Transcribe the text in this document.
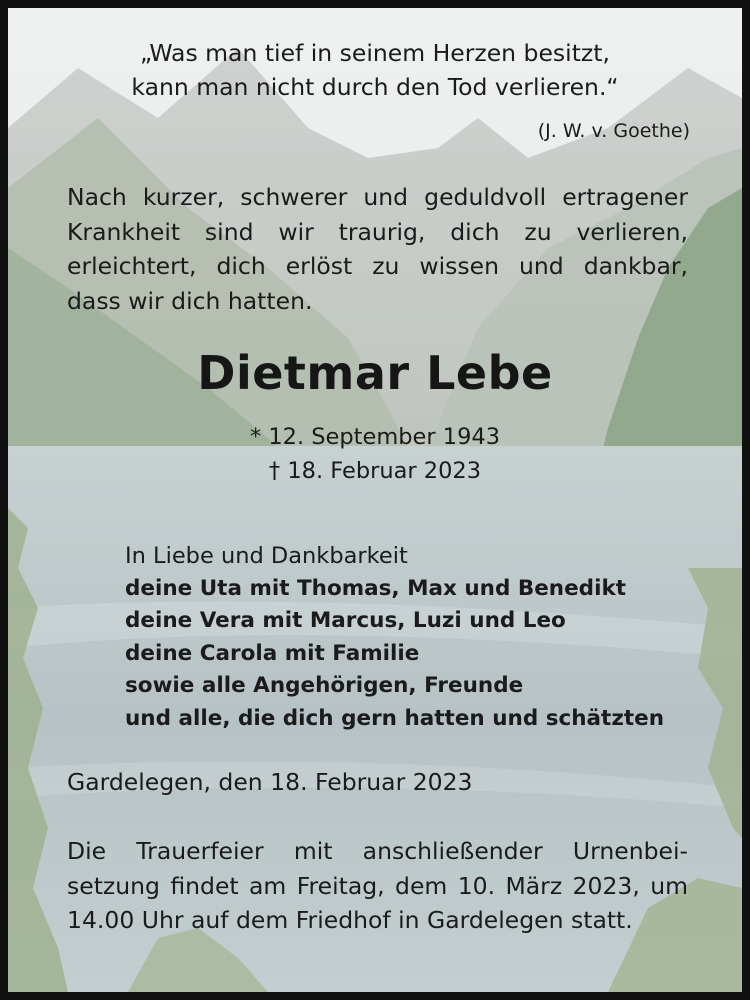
„Was man tief in seinem Herzen besitzt,
kann man nicht durch den Tod verlieren.“
(J. W. v. Goethe)
Nach kurzer, schwerer und geduldvoll ertragener
Krankheit sind wir traurig, dich zu verlieren,
erleichtert, dich erlöst zu wissen und dankbar,
dass wir dich hatten.
Dietmar Lebe
* 12. September 1943
† 18. Februar 2023
In Liebe und Dankbarkeit
deine Uta mit Thomas, Max und Benedikt
deine Vera mit Marcus, Luzi und Leo
deine Carola mit Familie
sowie alle Angehörigen, Freunde
und alle, die dich gern hatten und schätzten
Gardelegen, den 18. Februar 2023
Die Trauerfeier mit anschließender Urnenbei-
setzung findet am Freitag, dem 10. März 2023, um
14.00 Uhr auf dem Friedhof in Gardelegen statt.
